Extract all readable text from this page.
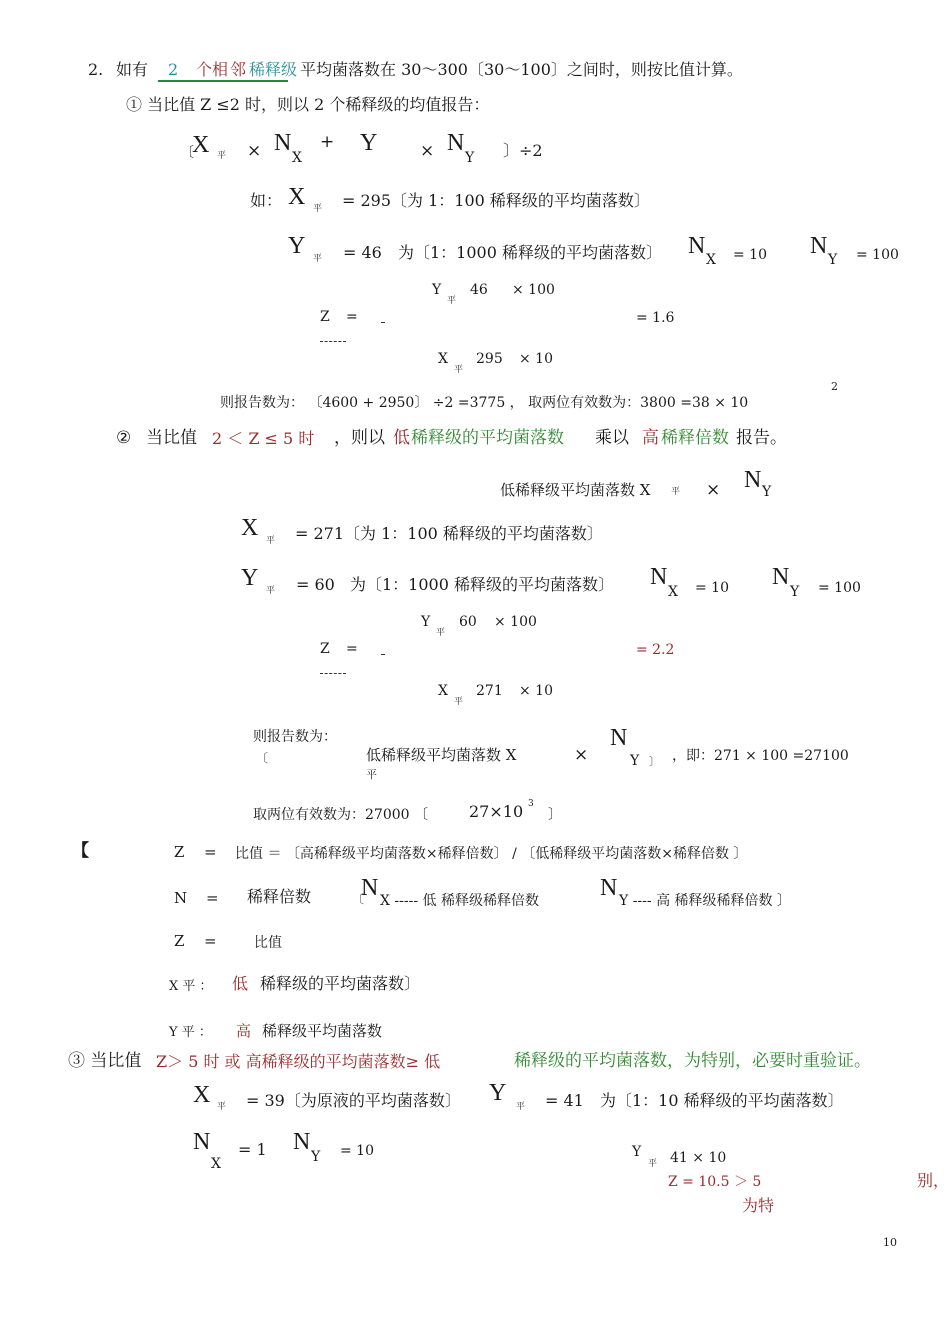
2. 如有 2 个相 邻 稀释级 平均菌落数在 30～300〔30～100〕之间时，则按比值计算。
① 当比值 Z ≤2 时，则以 2 个稀释级的均值报告：
〔
X 平 × N
X
+ Y	× N
Y 〕÷2
如： X 平 = 295〔为 1：100 稀释级的平均菌落数〕
Y 平 = 46 为〔1：1000 稀释级的平均菌落数〕 N
X = 10 N
Y = 100
Y
平
46 × 100
Z =	= 1.6
X
平
295 × 10
则报告数为： 〔4600 + 2950〕 ÷2 =3775 ， 取两位有效数为：3800 =38 × 10
2
② 当比值 2 ＜ Z ≤ 5 时 ，则以 低 稀释级的平均菌落数 乘以 高 稀释倍数 报告。
低稀释级平均菌落数 X 平 × N Y
X 平 = 271〔为 1：100 稀释级的平均菌落数〕
Y 平 = 60 为〔1：1000 稀释级的平均菌落数〕 N
X = 10 N
Y = 100
Y
平
60 × 100
Z =	= 2.2
X
平
271 × 10
则报告数为：
〔	低稀释级平均菌落数 X
平
×
N
Y 〕 ，即：271 × 100 =27100
取两位有效数为：27000 〔	27×10 3
〕
【	Z = 比值 ＝ 〔高稀释级平均菌落数×稀释倍数〕 / 〔低稀释级平均菌落数×稀释倍数 〕
N = 稀释倍数	〔
N X ----- 低 稀释级稀释倍数	N Y ---- 高 稀释级稀释倍数 〕
Z =	比值
X 平 ： 低 稀释级的平均菌落数〕
Y 平 ： 高 稀释级平均菌落数
③ 当比值 Z＞ 5 时 或 高稀释级的平均菌落数≥ 低	稀释级的平均菌落数，为特别，必要时重验证。
X 平 = 39〔为原液的平均菌落数〕 Y
平 = 41 为〔1：10 稀释级的平均菌落数〕
N
X
= 1 N
Y = 10	Y
平 41 × 10
Z = 10.5 ＞ 5	别，
为特
10
